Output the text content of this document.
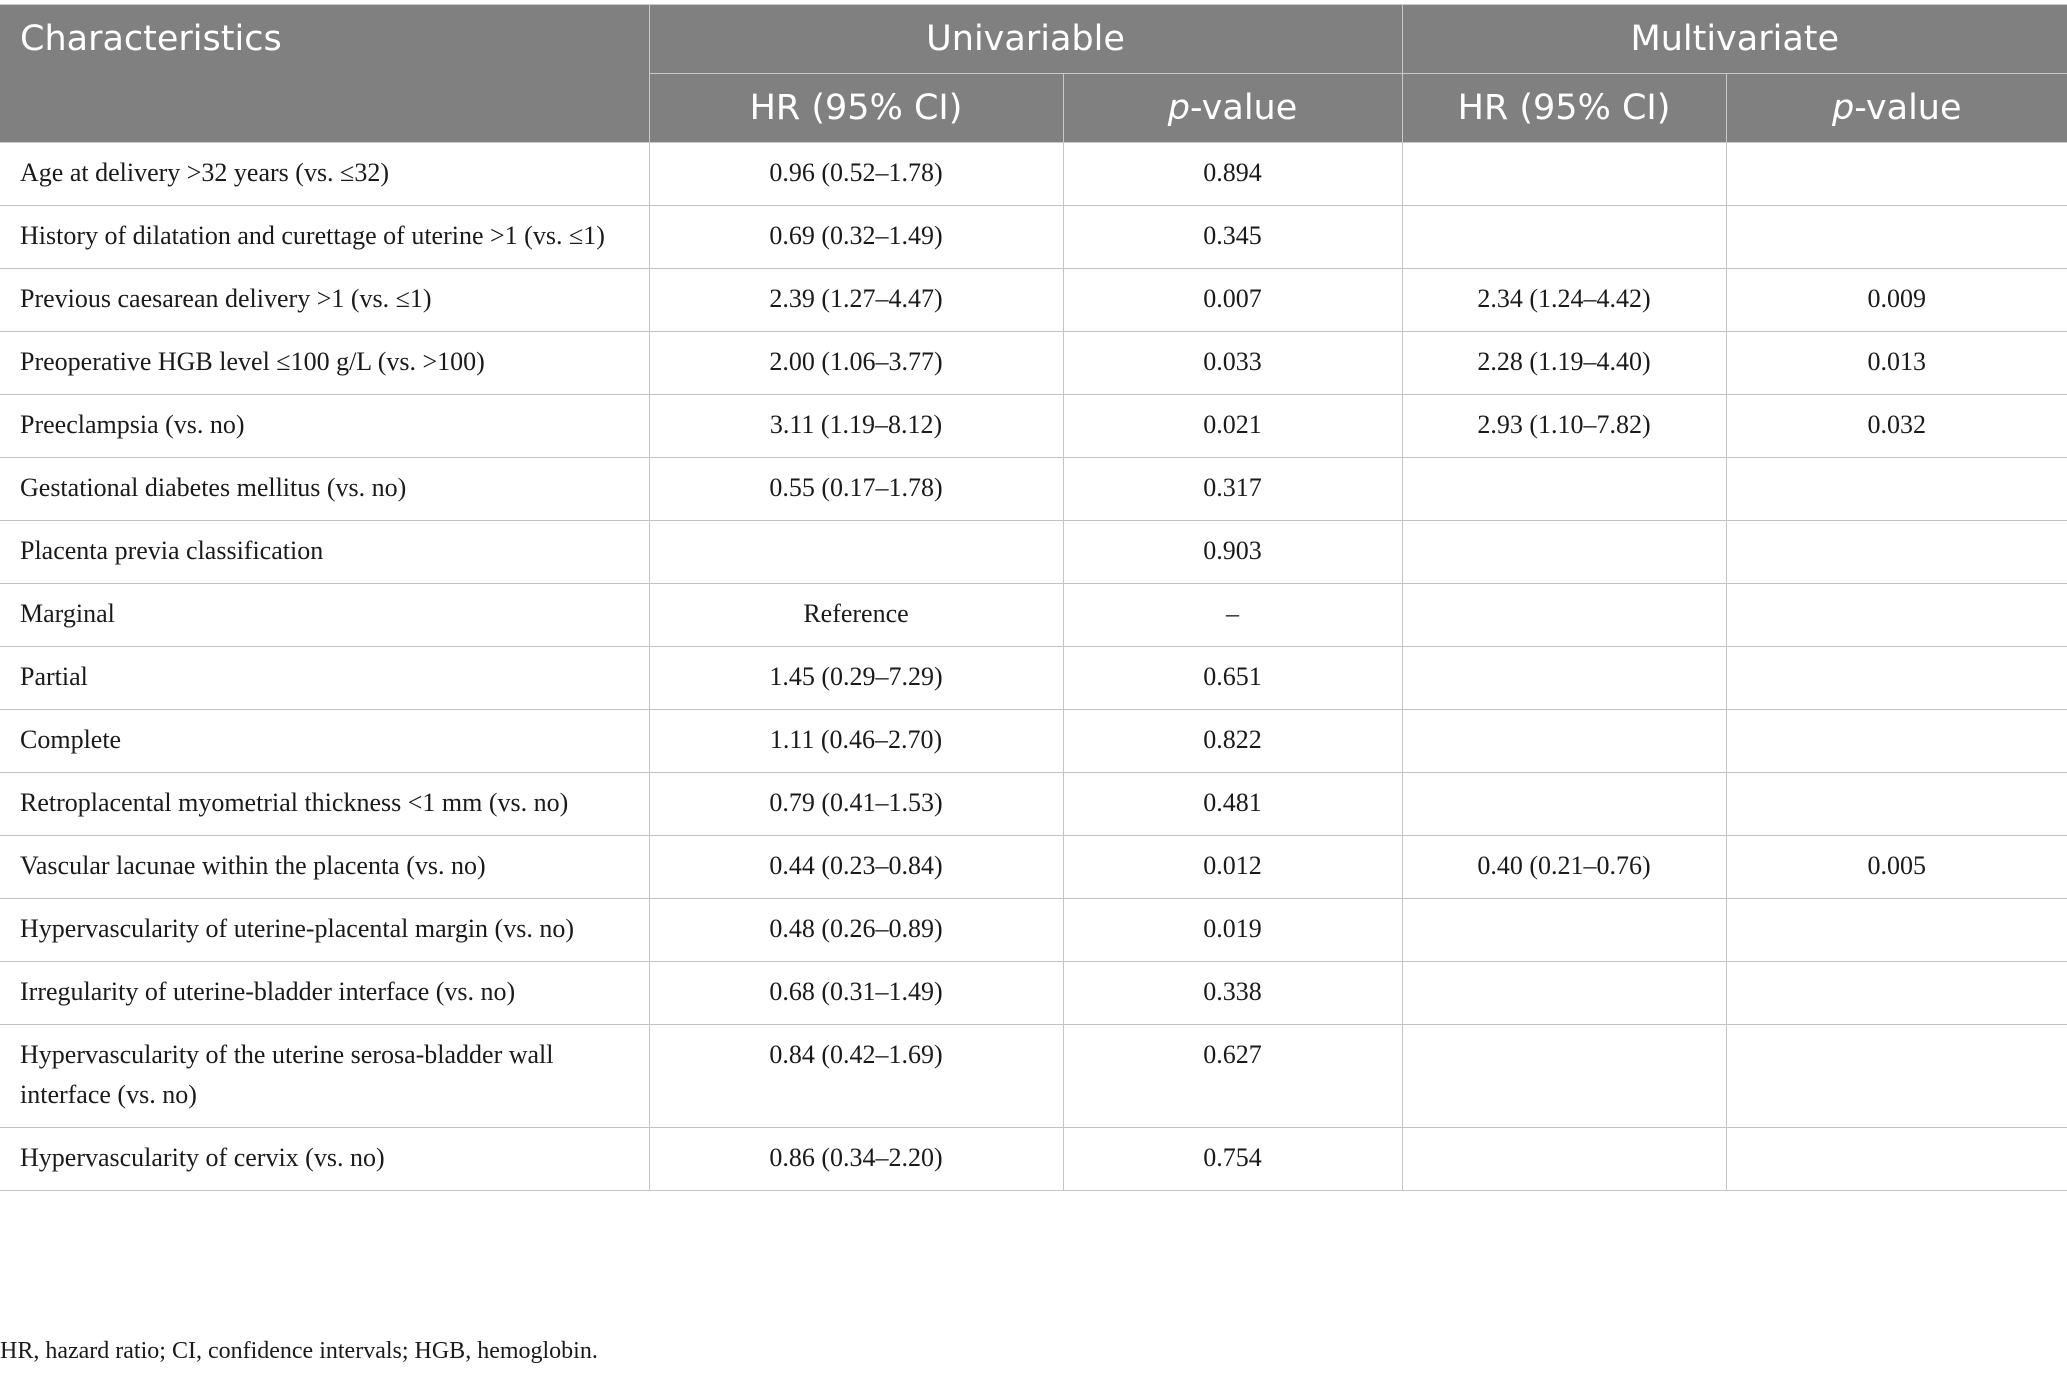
Characteristics	Univariable		Multivariate	
	HR (95% CI)	p-value	HR (95% CI)	p-value
Age at delivery >32 years (vs. ≤32)	0.96 (0.52–1.78)	0.894		
History of dilatation and curettage of uterine >1 (vs. ≤1)	0.69 (0.32–1.49)	0.345		
Previous caesarean delivery >1 (vs. ≤1)	2.39 (1.27–4.47)	0.007	2.34 (1.24–4.42)	0.009
Preoperative HGB level ≤100 g/L (vs. >100)	2.00 (1.06–3.77)	0.033	2.28 (1.19–4.40)	0.013
Preeclampsia (vs. no)	3.11 (1.19–8.12)	0.021	2.93 (1.10–7.82)	0.032
Gestational diabetes mellitus (vs. no)	0.55 (0.17–1.78)	0.317		
Placenta previa classification		0.903		
Marginal	Reference	–		
Partial	1.45 (0.29–7.29)	0.651		
Complete	1.11 (0.46–2.70)	0.822		
Retroplacental myometrial thickness <1 mm (vs. no)	0.79 (0.41–1.53)	0.481		
Vascular lacunae within the placenta (vs. no)	0.44 (0.23–0.84)	0.012	0.40 (0.21–0.76)	0.005
Hypervascularity of uterine-placental margin (vs. no)	0.48 (0.26–0.89)	0.019		
Irregularity of uterine-bladder interface (vs. no)	0.68 (0.31–1.49)	0.338		
Hypervascularity of the uterine serosa-bladder wall interface (vs. no)	0.84 (0.42–1.69)	0.627		
Hypervascularity of cervix (vs. no)	0.86 (0.34–2.20)	0.754		
HR, hazard ratio; CI, confidence intervals; HGB, hemoglobin.
